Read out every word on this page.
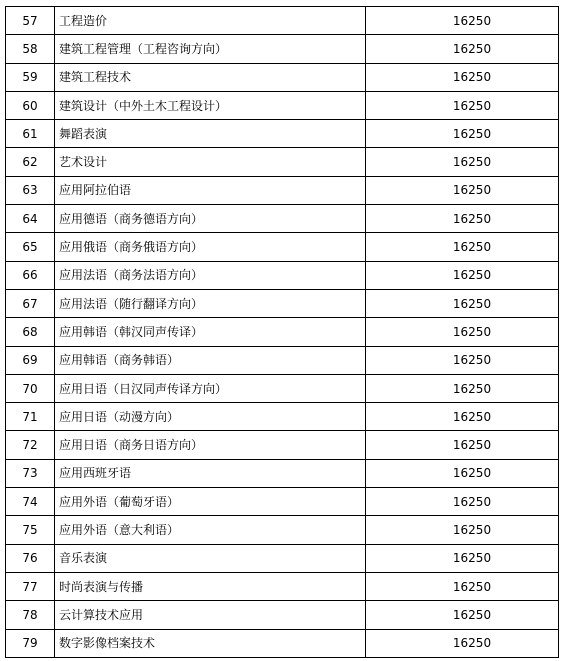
57	工程造价	16250
58	建筑工程管理（工程咨询方向）	16250
59	建筑工程技术	16250
60	建筑设计（中外土木工程设计）	16250
61	舞蹈表演	16250
62	艺术设计	16250
63	应用阿拉伯语	16250
64	应用德语（商务德语方向）	16250
65	应用俄语（商务俄语方向）	16250
66	应用法语（商务法语方向）	16250
67	应用法语（随行翻译方向）	16250
68	应用韩语（韩汉同声传译）	16250
69	应用韩语（商务韩语）	16250
70	应用日语（日汉同声传译方向）	16250
71	应用日语（动漫方向）	16250
72	应用日语（商务日语方向）	16250
73	应用西班牙语	16250
74	应用外语（葡萄牙语）	16250
75	应用外语（意大利语）	16250
76	音乐表演	16250
77	时尚表演与传播	16250
78	云计算技术应用	16250
79	数字影像档案技术	16250
